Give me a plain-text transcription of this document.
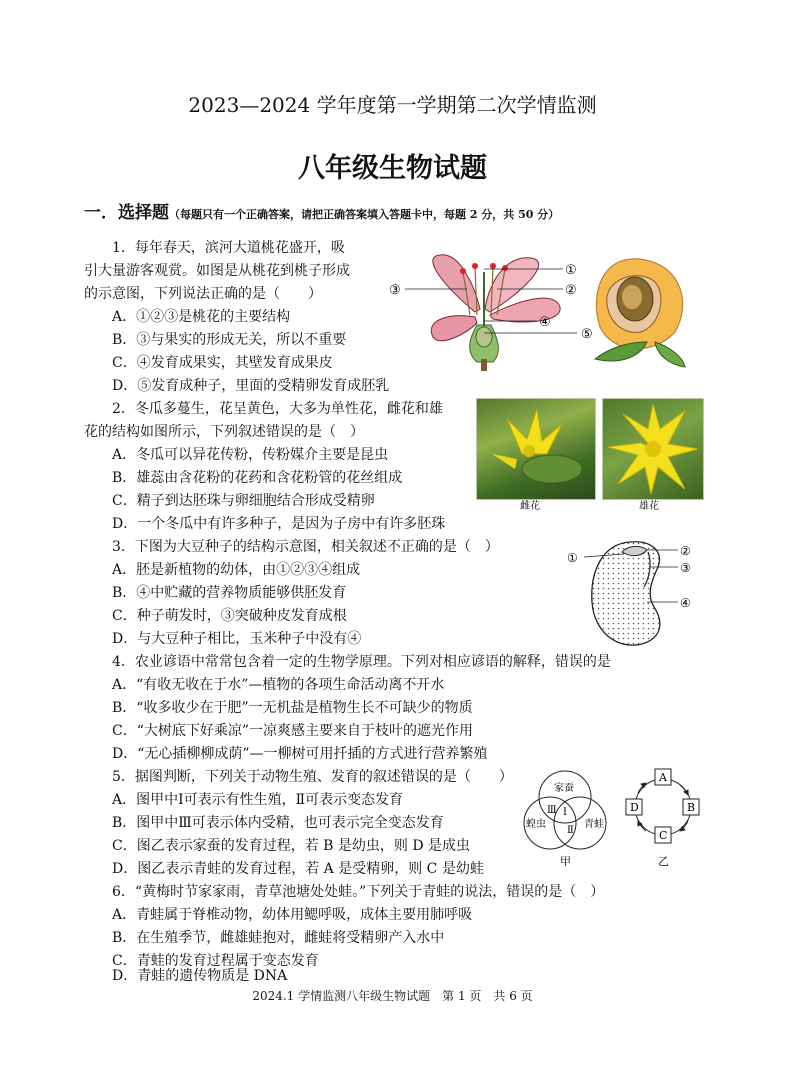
2023—2024 学年度第一学期第二次学情监测
八年级生物试题
一．选择题（每题只有一个正确答案，请把正确答案填入答题卡中，每题 2 分，共 50 分）
1．每年春天，滨河大道桃花盛开，吸
引大量游客观赏。如图是从桃花到桃子形成
的示意图，下列说法正确的是（　　）
A．①②③是桃花的主要结构
B．③与果实的形成无关，所以不重要
C．④发育成果实，其壁发育成果皮
D．⑤发育成种子，里面的受精卵发育成胚乳
①
②
③
④
⑤
2．冬瓜多蔓生，花呈黄色，大多为单性花，雌花和雄
花的结构如图所示，下列叙述错误的是（　）
A．冬瓜可以异花传粉，传粉媒介主要是昆虫
B．雄蕊由含花粉的花药和含花粉管的花丝组成
C．精子到达胚珠与卵细胞结合形成受精卵
D．一个冬瓜中有许多种子，是因为子房中有许多胚珠
雌花	雄花
3．下图为大豆种子的结构示意图，相关叙述不正确的是（　）
A．胚是新植物的幼体，由①②③④组成
B．④中贮藏的营养物质能够供胚发育
C．种子萌发时，③突破种皮发育成根
D．与大豆种子相比，玉米种子中没有④
①	②
③
④
4．农业谚语中常常包含着一定的生物学原理。下列对相应谚语的解释，错误的是
A．“有收无收在于水”—植物的各项生命活动离不开水
B．“收多收少在于肥”一无机盐是植物生长不可缺少的物质
C．“大树底下好乘凉”一凉爽感主要来自于枝叶的遮光作用
D．“无心插柳柳成荫”—一柳树可用扦插的方式进行营养繁殖
5．据图判断，下列关于动物生殖、发育的叙述错误的是（　　）
A．图甲中Ⅰ可表示有性生殖，Ⅱ可表示变态发育
B．图甲中Ⅲ可表示体内受精，也可表示完全变态发育
C．图乙表示家蚕的发育过程，若 B 是幼虫，则 D 是成虫
D．图乙表示青蛙的发育过程，若 A 是受精卵，则 C 是幼蛙
家蚕
蝗虫	青蛙
Ⅰ
Ⅱ
Ⅲ
甲
A
B
C
D
乙
6．“黄梅时节家家雨，青草池塘处处蛙。”下列关于青蛙的说法，错误的是（　）
A．青蛙属于脊椎动物，幼体用鳃呼吸，成体主要用肺呼吸
B．在生殖季节，雌雄蛙抱对，雌蛙将受精卵产入水中
C．青蛙的发育过程属于变态发育
D．青蛙的遗传物质是 DNA
2024.1 学情监测八年级生物试题　第 1 页　共 6 页
